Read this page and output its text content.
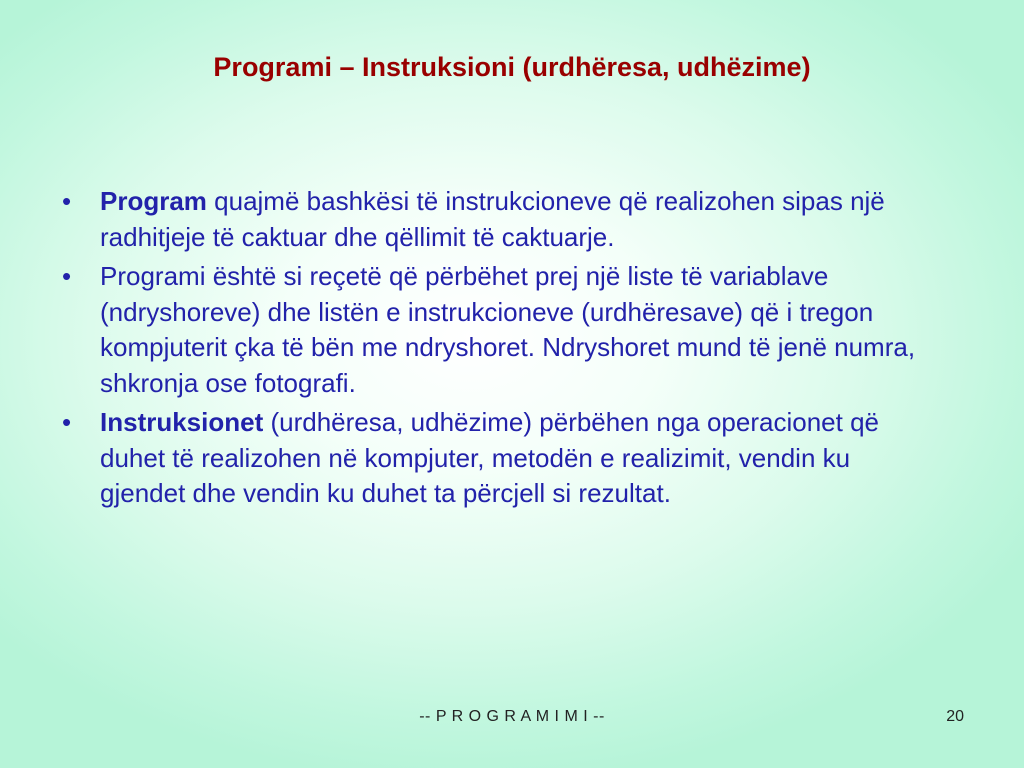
Programi – Instruksioni (urdhëresa, udhëzime)
• Program quajmë bashkësi të instrukcioneve që realizohen sipas një radhitjeje të caktuar dhe qëllimit të caktuarje.
• Programi është si reçetë që përbëhet prej një liste të variablave (ndryshoreve) dhe listën e instrukcioneve (urdhëresave) që i tregon kompjuterit çka të bën me ndryshoret. Ndryshoret mund të jenë numra, shkronja ose fotografi.
• Instruksionet (urdhëresa, udhëzime) përbëhen nga operacionet që duhet të realizohen në kompjuter, metodën e realizimit, vendin ku gjendet dhe vendin ku duhet ta përcjell si rezultat.
-- P R O G R A M I M I --	20
